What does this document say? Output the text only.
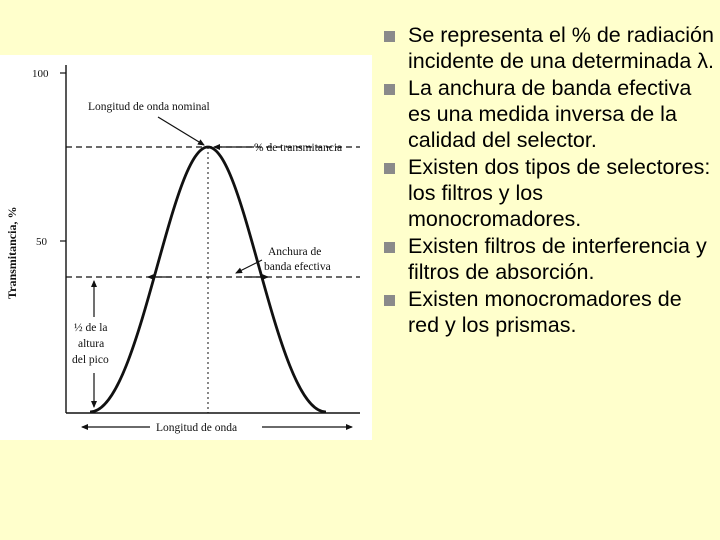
100
50
Transmitancia, %
Longitud de onda nominal
% de transmitancia
Anchura de
banda efectiva
½ de la
altura
del pico
Longitud de onda
Se representa el % de radiación incidente de una determinada λ.
La anchura de banda efectiva es una medida inversa de la calidad del selector.
Existen dos tipos de selectores: los filtros y los monocromadores.
Existen filtros de interferencia y filtros de absorción.
Existen monocromadores de red y los prismas.
